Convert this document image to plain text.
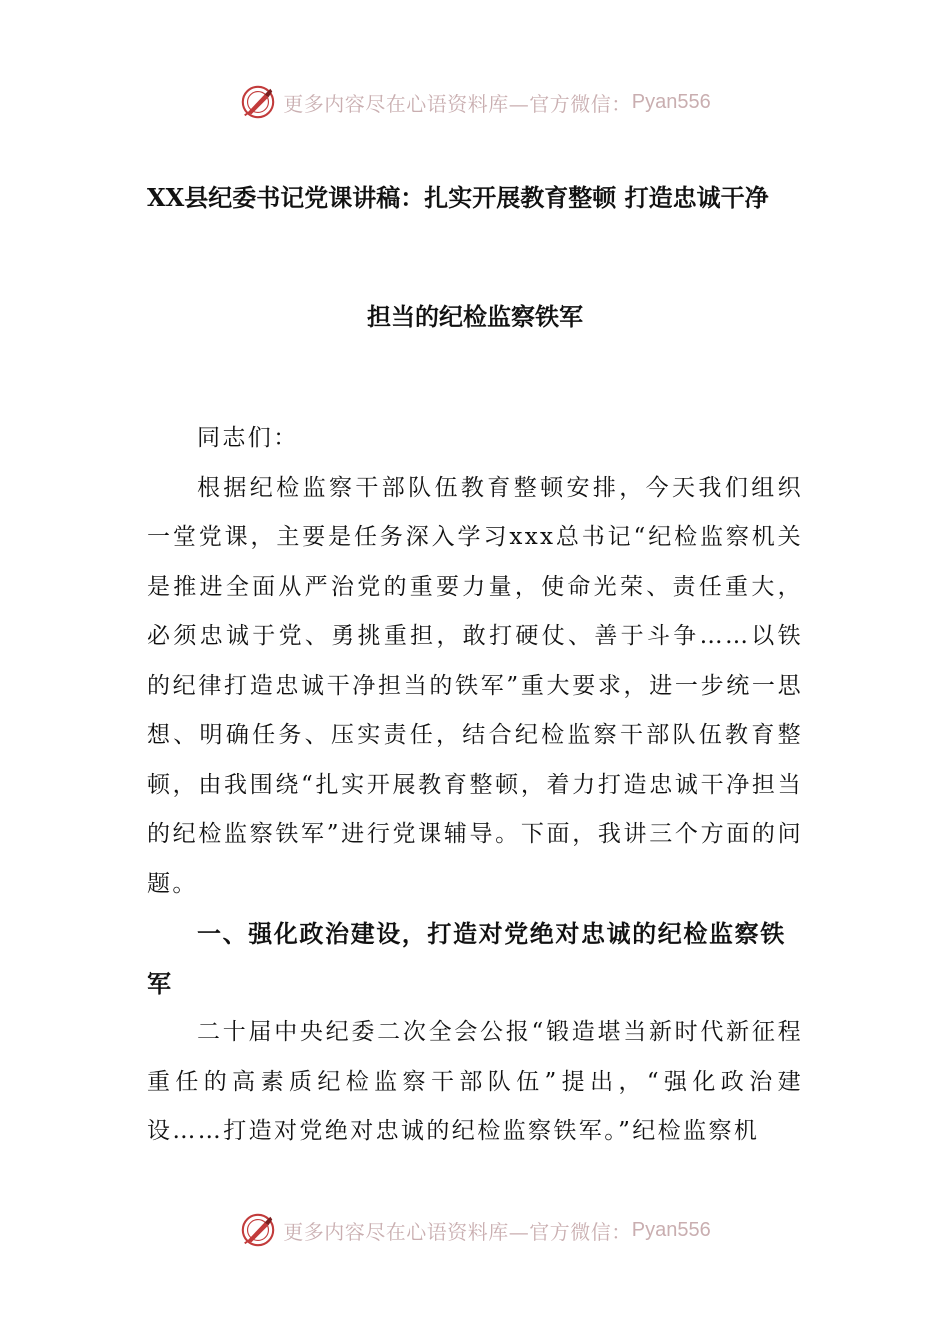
更多内容尽在心语资料库—官方微信： Pyan556
XX县纪委书记党课讲稿：扎实开展教育整顿 打造忠诚干净
担当的纪检监察铁军

同志们：

根据纪检监察干部队伍教育整顿安排，今天我们组织一堂党课，主要是任务深入学习xxx总书记“纪检监察机关是推进全面从严治党的重要力量，使命光荣、责任重大，必须忠诚于党、勇挑重担，敢打硬仗、善于斗争……以铁的纪律打造忠诚干净担当的铁军”重大要求，进一步统一思想、明确任务、压实责任，结合纪检监察干部队伍教育整顿，由我围绕“扎实开展教育整顿，着力打造忠诚干净担当的纪检监察铁军”进行党课辅导。下面，我讲三个方面的问题。

一、强化政治建设，打造对党绝对忠诚的纪检监察铁军

二十届中央纪委二次全会公报“锻造堪当新时代新征程重任的高素质纪检监察干部队伍”提出，“强化政治建设……打造对党绝对忠诚的纪检监察铁军。”纪检监察机

更多内容尽在心语资料库—官方微信： Pyan556
